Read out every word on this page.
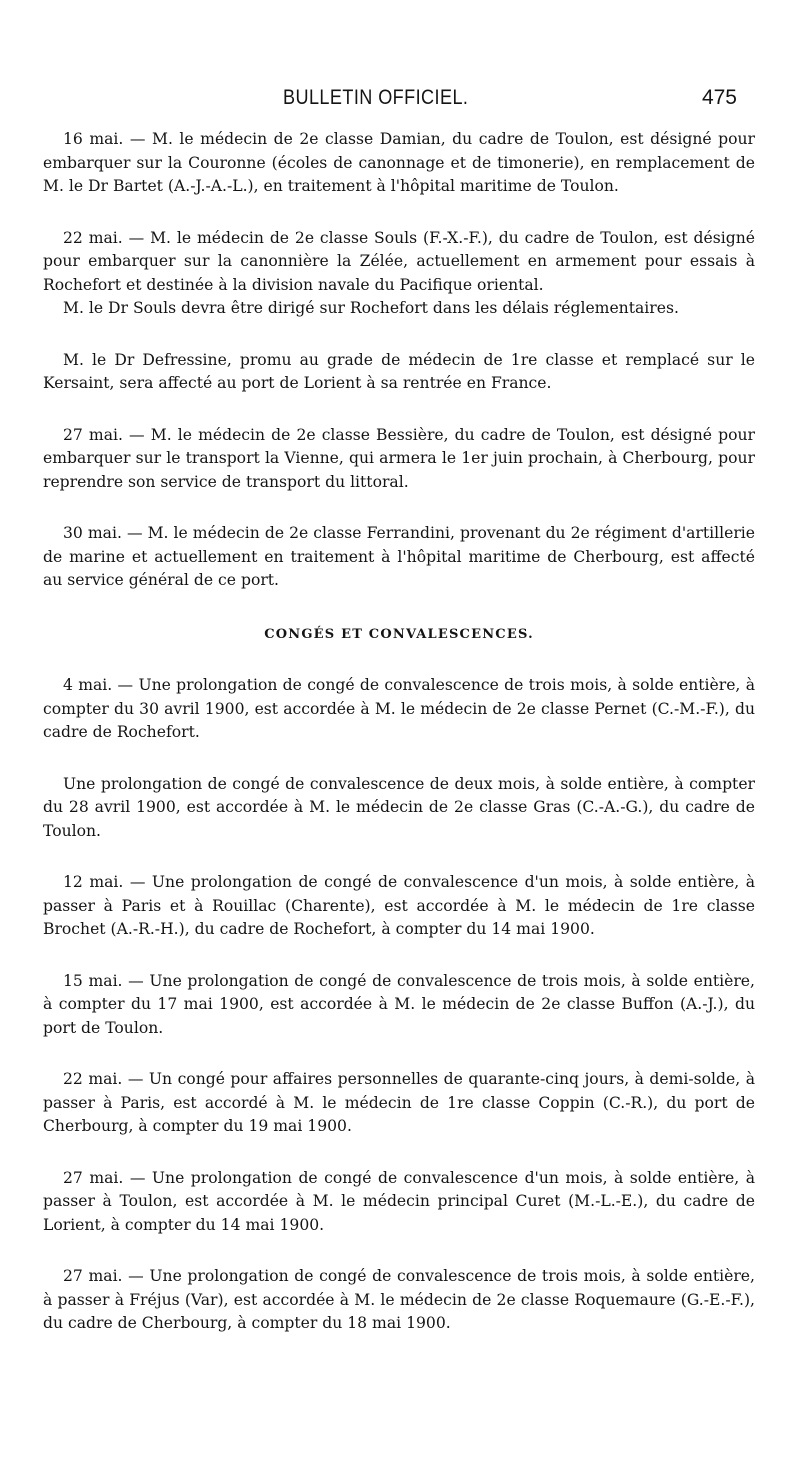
BULLETIN OFFICIEL.	475

16 mai. — M. le médecin de 2e classe Damian, du cadre de Toulon, est désigné pour embarquer sur la Couronne (écoles de canonnage et de timonerie), en remplacement de M. le Dr Bartet (A.-J.-A.-L.), en traitement à l'hôpital maritime de Toulon.

22 mai. — M. le médecin de 2e classe Souls (F.-X.-F.), du cadre de Toulon, est désigné pour embarquer sur la canonnière la Zélée, actuellement en armement pour essais à Rochefort et destinée à la division navale du Pacifique oriental.

M. le Dr Souls devra être dirigé sur Rochefort dans les délais réglementaires.

M. le Dr Defressine, promu au grade de médecin de 1re classe et remplacé sur le Kersaint, sera affecté au port de Lorient à sa rentrée en France.

27 mai. — M. le médecin de 2e classe Bessière, du cadre de Toulon, est désigné pour embarquer sur le transport la Vienne, qui armera le 1er juin prochain, à Cherbourg, pour reprendre son service de transport du littoral.

30 mai. — M. le médecin de 2e classe Ferrandini, provenant du 2e régiment d'artillerie de marine et actuellement en traitement à l'hôpital maritime de Cherbourg, est affecté au service général de ce port.

CONGÉS ET CONVALESCENCES.

4 mai. — Une prolongation de congé de convalescence de trois mois, à solde entière, à compter du 30 avril 1900, est accordée à M. le médecin de 2e classe Pernet (C.-M.-F.), du cadre de Rochefort.

Une prolongation de congé de convalescence de deux mois, à solde entière, à compter du 28 avril 1900, est accordée à M. le médecin de 2e classe Gras (C.-A.-G.), du cadre de Toulon.

12 mai. — Une prolongation de congé de convalescence d'un mois, à solde entière, à passer à Paris et à Rouillac (Charente), est accordée à M. le médecin de 1re classe Brochet (A.-R.-H.), du cadre de Rochefort, à compter du 14 mai 1900.

15 mai. — Une prolongation de congé de convalescence de trois mois, à solde entière, à compter du 17 mai 1900, est accordée à M. le médecin de 2e classe Buffon (A.-J.), du port de Toulon.

22 mai. — Un congé pour affaires personnelles de quarante-cinq jours, à demi-solde, à passer à Paris, est accordé à M. le médecin de 1re classe Coppin (C.-R.), du port de Cherbourg, à compter du 19 mai 1900.

27 mai. — Une prolongation de congé de convalescence d'un mois, à solde entière, à passer à Toulon, est accordée à M. le médecin principal Curet (M.-L.-E.), du cadre de Lorient, à compter du 14 mai 1900.

27 mai. — Une prolongation de congé de convalescence de trois mois, à solde entière, à passer à Fréjus (Var), est accordée à M. le médecin de 2e classe Roquemaure (G.-E.-F.), du cadre de Cherbourg, à compter du 18 mai 1900.
